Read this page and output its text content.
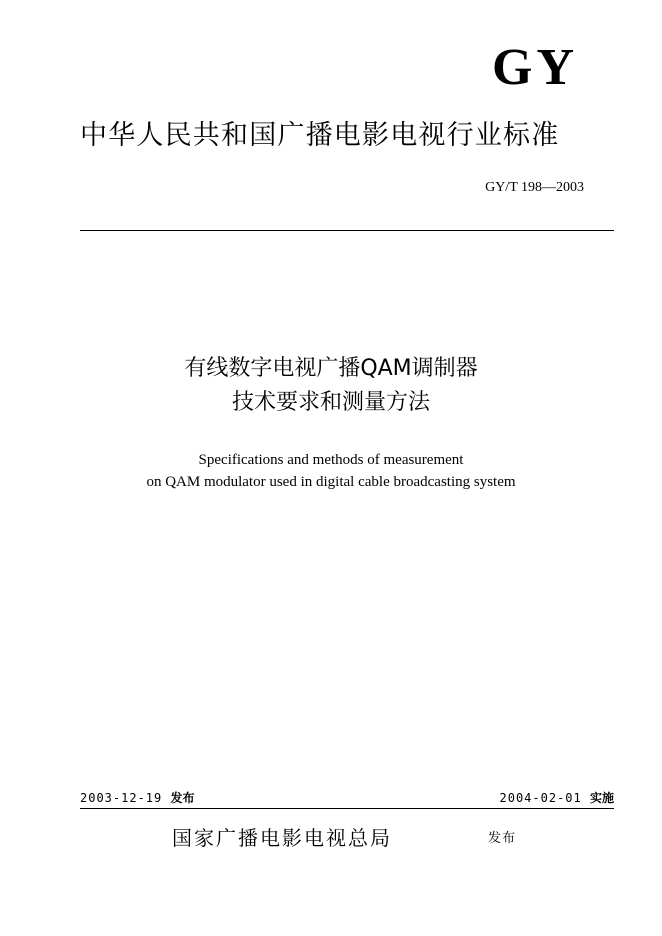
GY
中华人民共和国广播电影电视行业标准
GY/T 198—2003
有线数字电视广播QAM调制器
技术要求和测量方法
Specifications and methods of measurement
on QAM modulator used in digital cable broadcasting system
2003-12-19 发布	2004-02-01 实施
国家广播电影电视总局	发布
